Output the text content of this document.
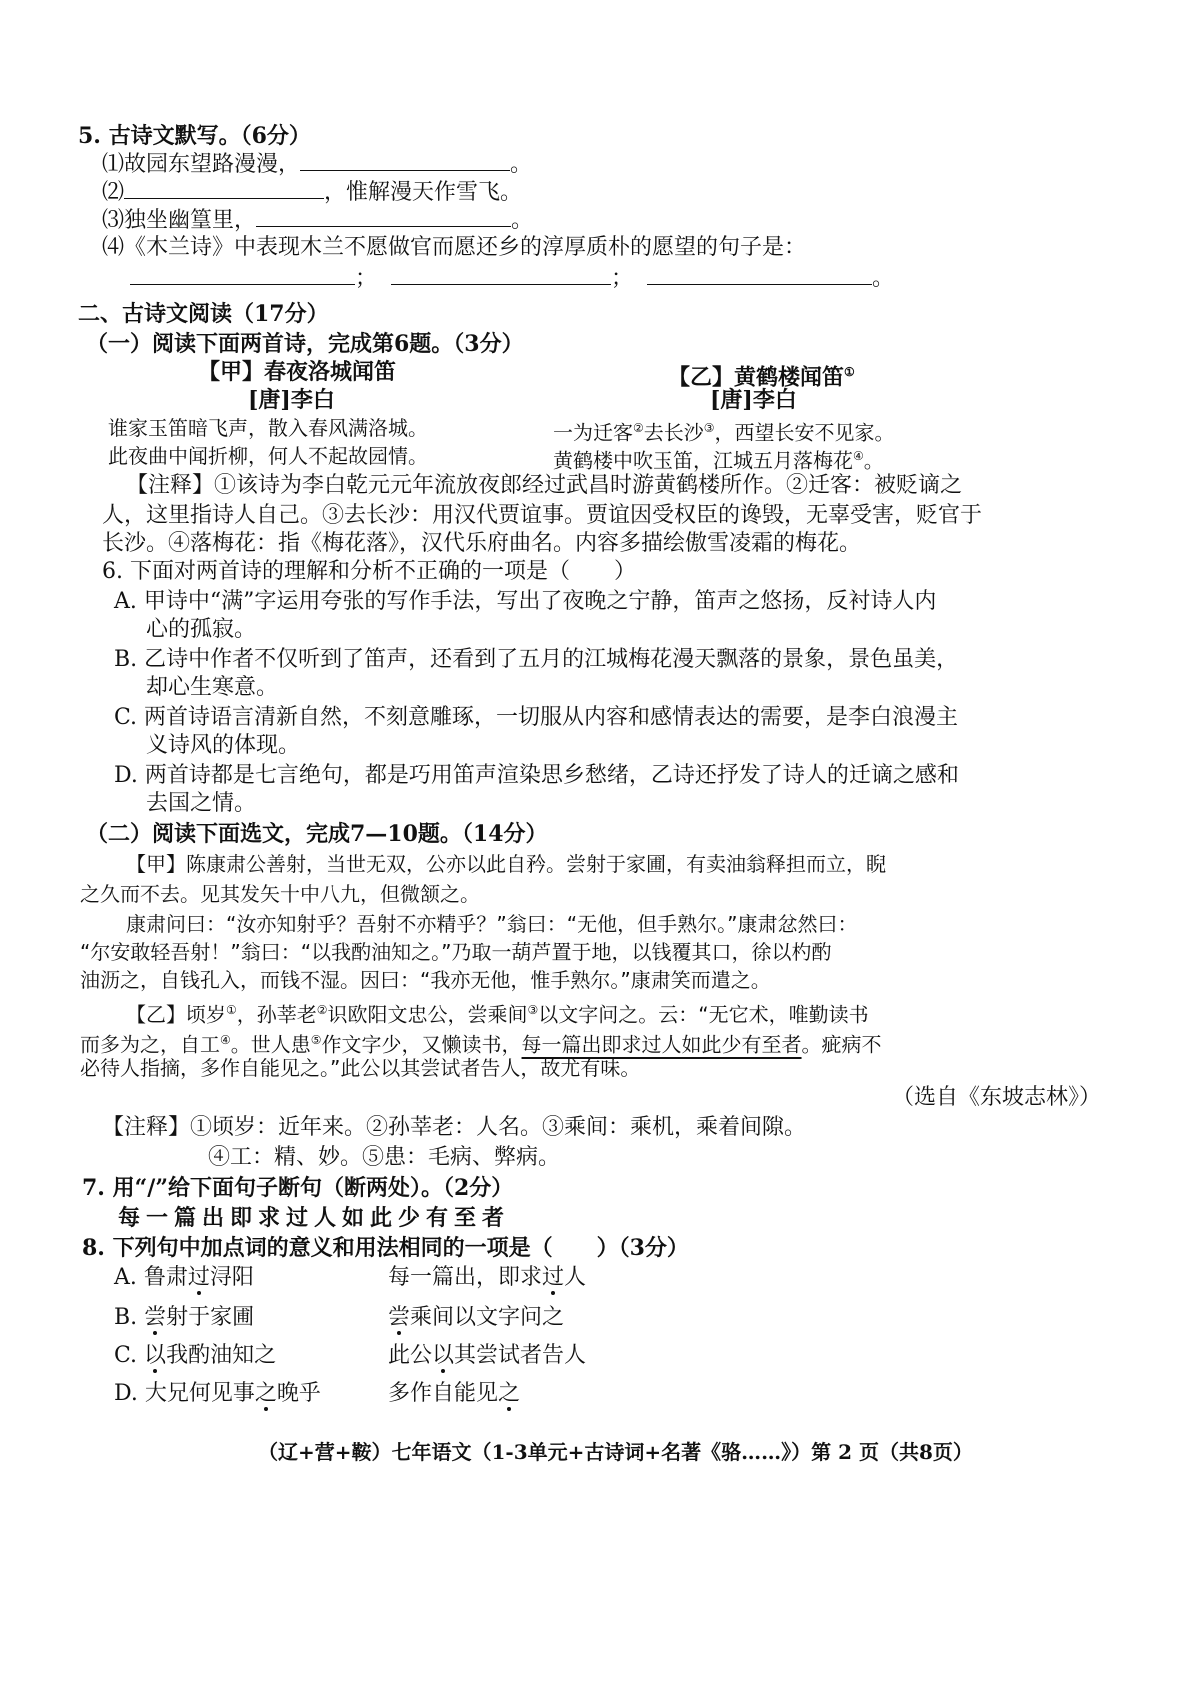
5. 古诗文默写。（6分）
⑴故园东望路漫漫，	。
⑵	，惟解漫天作雪飞。
⑶独坐幽篁里，	。
⑷《木兰诗》中表现木兰不愿做官而愿还乡的淳厚质朴的愿望的句子是：
；	；	。
二、古诗文阅读（17分）
（一）阅读下面两首诗，完成第6题。（3分）
【甲】春夜洛城闻笛
[唐]李白
谁家玉笛暗飞声，散入春风满洛城。
此夜曲中闻折柳，何人不起故园情。
【乙】黄鹤楼闻笛①
[唐]李白
一为迁客②去长沙③，西望长安不见家。
黄鹤楼中吹玉笛，江城五月落梅花④。
【注释】①该诗为李白乾元元年流放夜郎经过武昌时游黄鹤楼所作。②迁客：被贬谪之
人，这里指诗人自己。③去长沙：用汉代贾谊事。贾谊因受权臣的谗毁，无辜受害，贬官于
长沙。④落梅花：指《梅花落》，汉代乐府曲名。内容多描绘傲雪凌霜的梅花。
6. 下面对两首诗的理解和分析不正确的一项是（　　）
A. 甲诗中“满”字运用夸张的写作手法，写出了夜晚之宁静，笛声之悠扬，反衬诗人内
心的孤寂。
B. 乙诗中作者不仅听到了笛声，还看到了五月的江城梅花漫天飘落的景象，景色虽美，
却心生寒意。
C. 两首诗语言清新自然，不刻意雕琢，一切服从内容和感情表达的需要，是李白浪漫主
义诗风的体现。
D. 两首诗都是七言绝句，都是巧用笛声渲染思乡愁绪，乙诗还抒发了诗人的迁谪之感和
去国之情。
（二）阅读下面选文，完成7—10题。（14分）
【甲】陈康肃公善射，当世无双，公亦以此自矜。尝射于家圃，有卖油翁释担而立，睨
之久而不去。见其发矢十中八九，但微颔之。
康肃问曰：“汝亦知射乎？吾射不亦精乎？”翁曰：“无他，但手熟尔。”康肃忿然曰：
“尔安敢轻吾射！”翁曰：“以我酌油知之。”乃取一葫芦置于地，以钱覆其口，徐以杓酌
油沥之，自钱孔入，而钱不湿。因曰：“我亦无他，惟手熟尔。”康肃笑而遣之。
【乙】顷岁①，孙莘老②识欧阳文忠公，尝乘间③以文字问之。云：“无它术，唯勤读书
而多为之，自工④。世人患⑤作文字少，又懒读书，每一篇出即求过人如此少有至者。疵病不
必待人指摘，多作自能见之。”此公以其尝试者告人，故尤有味。
（选自《东坡志林》）
【注释】①顷岁：近年来。②孙莘老：人名。③乘间：乘机，乘着间隙。
④工：精、妙。⑤患：毛病、弊病。
7. 用“/”给下面句子断句（断两处）。（2分）
每一篇出即求过人如此少有至者
8. 下列句中加点词的意义和用法相同的一项是（　　）（3分）
A. 鲁肃过浔阳	每一篇出，即求过人
B. 尝射于家圃	尝乘间以文字问之
C. 以我酌油知之	此公以其尝试者告人
D. 大兄何见事之晚乎	多作自能见之
（辽+营+鞍）七年语文（1-3单元+古诗词+名著《骆……》）第 2 页（共8页）
